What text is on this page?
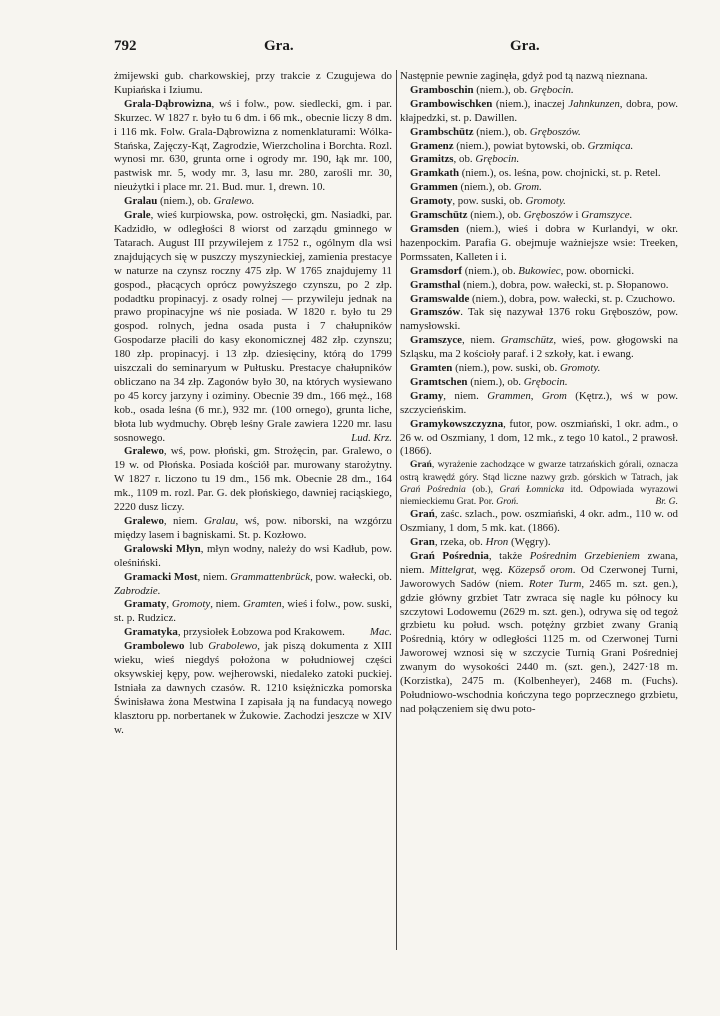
792	Gra.	Gra.

żmijewski gub. charkowskiej, przy trakcie z Czugujewa do Kupiańska i Iziumu.

Grala-Dąbrowizna, wś i folw., pow. siedlecki, gm. i par. Skurzec. W 1827 r. było tu 6 dm. i 66 mk., obecnie liczy 8 dm. i 116 mk. Folw. Grala-Dąbrowizna z nomenklaturami: Wólka-Stańska, Zajęczy-Kąt, Zagrodzie, Wierzcholina i Borchta. Rozl. wynosi mr. 630, grunta orne i ogrody mr. 190, łąk mr. 100, pastwisk mr. 5, wody mr. 3, lasu mr. 280, zarośli mr. 30, nieużytki i place mr. 21. Bud. mur. 1, drewn. 10.

Gralau (niem.), ob. Gralewo.

Grale, wieś kurpiowska, pow. ostrołęcki, gm. Nasiadki, par. Kadzidło, w odległości 8 wiorst od zarządu gminnego w Tatarach. August III przywilejem z 1752 r., ogólnym dla wsi znajdujących się w puszczy myszynieckiej, zamienia prestacye w naturze na czynsz roczny 475 złp. W 1765 znajdujemy 11 gospod., płacących oprócz powyższego czynszu, po 2 złp. podadtku propinacyj. z osady rolnej — przywileju jednak na prawo propinacyjne wś nie posiada. W 1820 r. było tu 29 gospod. rolnych, jedna osada pusta i 7 chałupników Gospodarze płacili do kasy ekonomicznej 482 złp. czynszu; 180 złp. propinacyj. i 13 złp. dziesięciny, którą do 1799 uiszczali do seminaryum w Pułtusku. Prestacye chałupników obliczano na 34 złp. Zagonów było 30, na których wysiewano po 45 korcy jarzyny i oziminy. Obecnie 39 dm., 166 męż., 168 kob., osada leśna (6 mr.), 932 mr. (100 ornego), grunta liche, błota lub wydmuchy. Obręb leśny Grale zawiera 1220 mr. lasu sosnowego.	Lud. Krz.

Gralewo, wś, pow. płoński, gm. Strożęcin, par. Gralewo, o 19 w. od Płońska. Posiada kościół par. murowany starożytny. W 1827 r. liczono tu 19 dm., 156 mk. Obecnie 28 dm., 164 mk., 1109 m. rozl. Par. G. dek płońskiego, dawniej raciąskiego, 2220 dusz liczy.

Gralewo, niem. Gralau, wś, pow. niborski, na wzgórzu między lasem i bagniskami. St. p. Kozłowo.

Gralowski Młyn, młyn wodny, należy do wsi Kadłub, pow. oleśniński.

Gramacki Most, niem. Grammattenbrück, pow. wałecki, ob. Zabrodzie.

Gramaty, Gromoty, niem. Gramten, wieś i folw., pow. suski, st. p. Rudzicz.

Gramatyka, przysiołek Łobzowa pod Krakowem.	Mac.

Grambolewo lub Grabolewo, jak piszą dokumenta z XIII wieku, wieś niegdyś położona w południowej części oksywskiej kępy, pow. wejherowski, niedaleko zatoki puckiej. Istniała za dawnych czasów. R. 1210 księżniczka pomorska Świnisława żona Mestwina I zapisała ją na fundacyą nowego klasztoru pp. norbertanek w Żukowie. Zachodzi jeszcze w XIV w.

Następnie pewnie zaginęła, gdyż pod tą nazwą nieznana.

Gramboschin (niem.), ob. Grębocin.

Grambowischken (niem.), inaczej Jahnkunzen, dobra, pow. kłajpedzki, st. p. Dawillen.

Grambschütz (niem.), ob. Gręboszów.

Gramenz (niem.), powiat bytowski, ob. Grzmiąca.

Gramitzs, ob. Grębocin.

Gramkath (niem.), os. leśna, pow. chojnicki, st. p. Retel.

Grammen (niem.), ob. Grom.

Gramoty, pow. suski, ob. Gromoty.

Gramschütz (niem.), ob. Gręboszów i Gramszyce.

Gramsden (niem.), wieś i dobra w Kurlandyi, w okr. hazenpockim. Parafia G. obejmuje ważniejsze wsie: Treeken, Pormssaten, Kalleten i i.

Gramsdorf (niem.), ob. Bukowiec, pow. obornicki.

Gramsthal (niem.), dobra, pow. wałecki, st. p. Słopanowo.

Gramswalde (niem.), dobra, pow. wałecki, st. p. Czuchowo.

Gramszów. Tak się nazywał 1376 roku Gręboszów, pow. namysłowski.

Gramszyce, niem. Gramschütz, wieś, pow. głogowski na Szląsku, ma 2 kościoły paraf. i 2 szkoły, kat. i ewang.

Gramten (niem.), pow. suski, ob. Gromoty.

Gramtschen (niem.), ob. Grębocin.

Gramy, niem. Grammen, Grom (Kętrz.), wś w pow. szczycieńskim.

Gramykowszczyzna, futor, pow. oszmiański, 1 okr. adm., o 26 w. od Oszmiany, 1 dom, 12 mk., z tego 10 katol., 2 prawosł. (1866).

Grań, wyrażenie zachodzące w gwarze tatrzańskich górali, oznacza ostrą krawędź góry. Stąd liczne nazwy grzb. górskich w Tatrach, jak Grań Pośrednia (ob.), Grań Łomnicka itd. Odpowiada wyrazowi niemieckiemu Grat. Por. Groń.	Br. G.

Grań, zaśc. szlach., pow. oszmiański, 4 okr. adm., 110 w. od Oszmiany, 1 dom, 5 mk. kat. (1866).

Gran, rzeka, ob. Hron (Węgry).

Grań Pośrednia, także Pośrednim Grzebieniem zwana, niem. Mittelgrat, węg. Közepső orom. Od Czerwonej Turni, Jaworowych Sadów (niem. Roter Turm, 2465 m. szt. gen.), gdzie główny grzbiet Tatr zwraca się nagle ku północy ku szczytowi Lodowemu (2629 m. szt. gen.), odrywa się od tegoż grzbietu ku połud. wsch. potężny grzbiet zwany Granią Pośrednią, który w odległości 1125 m. od Czerwonej Turni Jaworowej wznosi się w szczycie Turnią Grani Pośredniej zwanym do wysokości 2440 m. (szt. gen.), 2427·18 m. (Korzistka), 2475 m. (Kolbenheyer), 2468 m. (Fuchs). Południowo-wschodnia kończyna tego poprzecznego grzbietu, nad połączeniem się dwu poto-
